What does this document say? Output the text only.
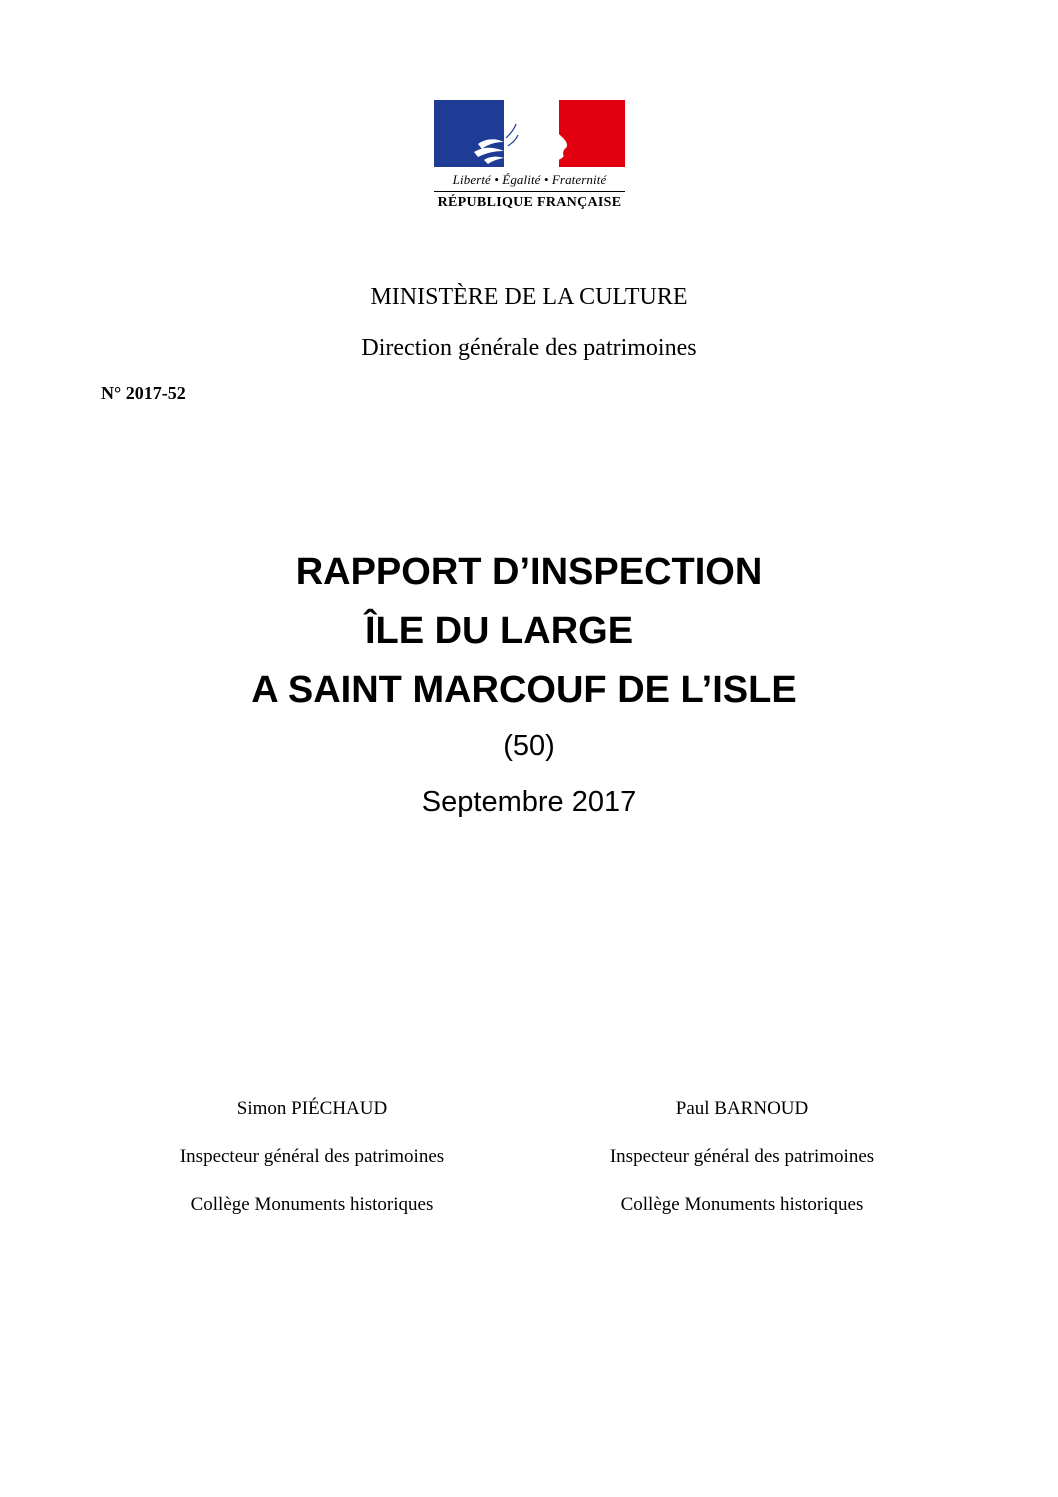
Liberté • Égalité • Fraternité
RÉPUBLIQUE FRANÇAISE
MINISTÈRE DE LA CULTURE
Direction générale des patrimoines
N° 2017-52
RAPPORT D’INSPECTION
ÎLE DU LARGE
A SAINT MARCOUF DE L’ISLE
(50)
Septembre 2017
Simon PIÉCHAUD
Inspecteur général des patrimoines
Collège Monuments historiques
Paul BARNOUD
Inspecteur général des patrimoines
Collège Monuments historiques
